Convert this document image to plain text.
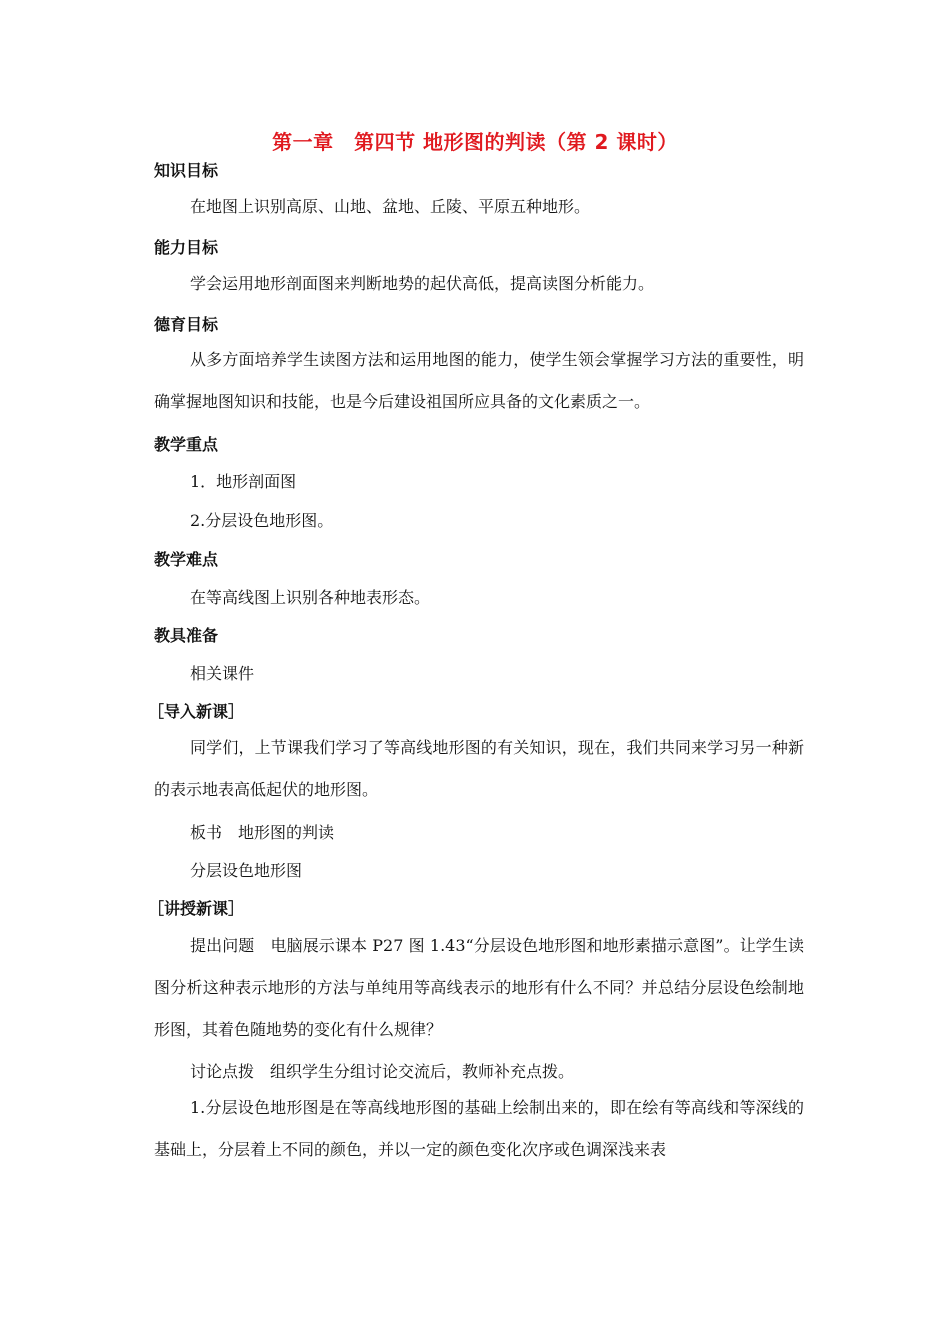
第一章　第四节 地形图的判读（第 2 课时）
知识目标

在地图上识别高原、山地、盆地、丘陵、平原五种地形。

能力目标

学会运用地形剖面图来判断地势的起伏高低，提高读图分析能力。

德育目标

从多方面培养学生读图方法和运用地图的能力，使学生领会掌握学习方法的重要性，明确掌握地图知识和技能，也是今后建设祖国所应具备的文化素质之一。

教学重点
1．地形剖面图
2.分层设色地形图。
教学难点
在等高线图上识别各种地表形态。
教具准备
相关课件
［导入新课］

同学们，上节课我们学习了等高线地形图的有关知识，现在，我们共同来学习另一种新的表示地表高低起伏的地形图。

板书　地形图的判读
分层设色地形图
［讲授新课］

提出问题　电脑展示课本 P27 图 1.43“分层设色地形图和地形素描示意图”。让学生读图分析这种表示地形的方法与单纯用等高线表示的地形有什么不同？并总结分层设色绘制地形图，其着色随地势的变化有什么规律？

讨论点拨　组织学生分组讨论交流后，教师补充点拨。

1.分层设色地形图是在等高线地形图的基础上绘制出来的，即在绘有等高线和等深线的基础上，分层着上不同的颜色，并以一定的颜色变化次序或色调深浅来表
